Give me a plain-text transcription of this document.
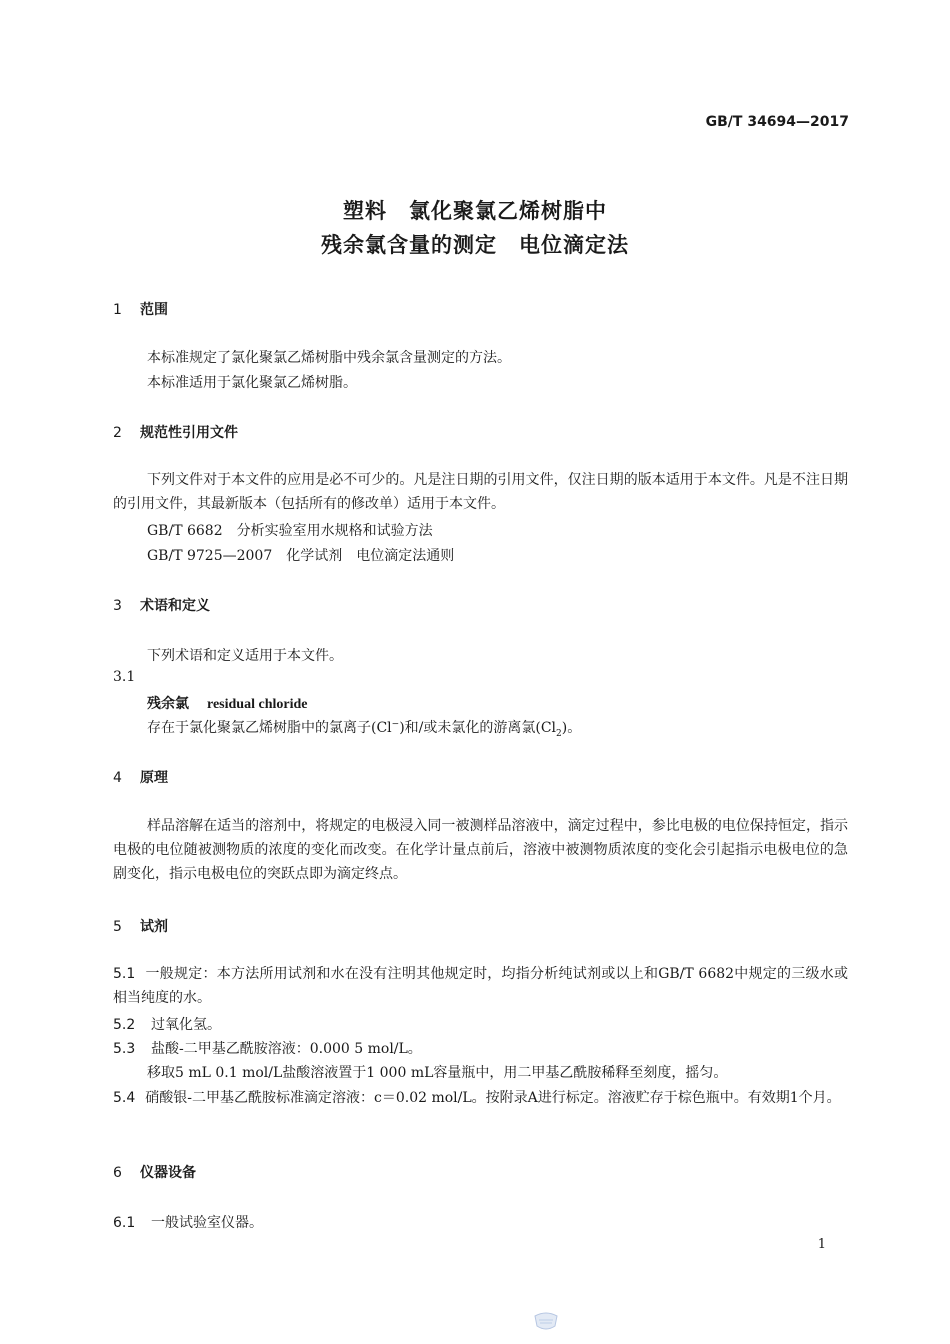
GB/T 34694—2017
塑料　氯化聚氯乙烯树脂中
残余氯含量的测定　电位滴定法
1 范围
本标准规定了氯化聚氯乙烯树脂中残余氯含量测定的方法。
本标准适用于氯化聚氯乙烯树脂。
2 规范性引用文件
下列文件对于本文件的应用是必不可少的。凡是注日期的引用文件，仅注日期的版本适用于本文件。凡是不注日期的引用文件，其最新版本（包括所有的修改单）适用于本文件。
GB/T 6682　分析实验室用水规格和试验方法
GB/T 9725—2007　化学试剂　电位滴定法通则
3 术语和定义
下列术语和定义适用于本文件。
3.1
残余氯 residual chloride
存在于氯化聚氯乙烯树脂中的氯离子(Cl−)和/或未氯化的游离氯$(Cl_2)$。
4 原理
样品溶解在适当的溶剂中，将规定的电极浸入同一被测样品溶液中，滴定过程中，参比电极的电位保持恒定，指示电极的电位随被测物质的浓度的变化而改变。在化学计量点前后，溶液中被测物质浓度的变化会引起指示电极电位的急剧变化，指示电极电位的突跃点即为滴定终点。
5 试剂
5.1 一般规定：本方法所用试剂和水在没有注明其他规定时，均指分析纯试剂或以上和GB/T 6682中规定的三级水或相当纯度的水。
5.2 过氧化氢。
5.3 盐酸-二甲基乙酰胺溶液：0.000 5 mol/L。
移取5 mL 0.1 mol/L盐酸溶液置于1 000 mL容量瓶中，用二甲基乙酰胺稀释至刻度，摇匀。
5.4 硝酸银-二甲基乙酰胺标准滴定溶液：c＝0.02 mol/L。按附录A进行标定。溶液贮存于棕色瓶中。有效期1个月。
6 仪器设备
6.1 一般试验室仪器。
1
